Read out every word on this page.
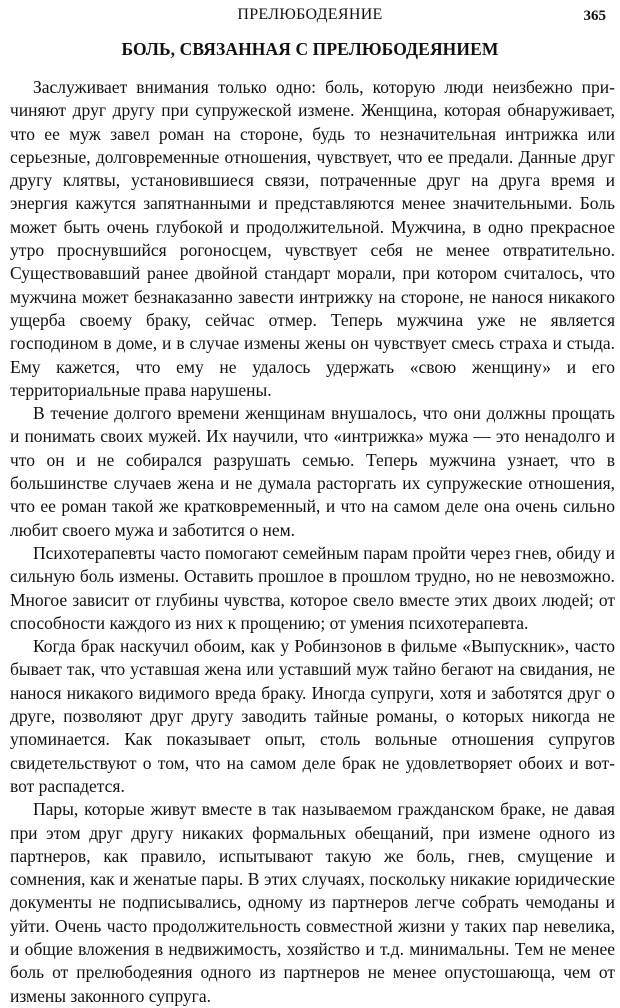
ПРЕЛЮБОДЕЯНИЕ	365
БОЛЬ, СВЯЗАННАЯ С ПРЕЛЮБОДЕЯНИЕМ

Заслуживает внимания только одно: боль, которую люди неизбежно причиняют друг другу при супружеской измене. Женщина, которая обнаруживает, что ее муж завел роман на стороне, будь то незначительная интрижка или серьезные, долговременные отношения, чувствует, что ее предали. Данные друг другу клятвы, установившиеся связи, потраченные друг на друга время и энергия кажутся запятнанными и представляются менее значительными. Боль может быть очень глубокой и продолжительной. Мужчина, в одно прекрасное утро проснувшийся рогоносцем, чувствует себя не менее отвратительно. Существовавший ранее двойной стандарт морали, при котором считалось, что мужчина может безнаказанно завести интрижку на стороне, не нанося никакого ущерба своему браку, сейчас отмер. Теперь мужчина уже не является господином в доме, и в случае измены жены он чувствует смесь страха и стыда. Ему кажется, что ему не удалось удержать «свою женщину» и его территориальные права нарушены.

В течение долгого времени женщинам внушалось, что они должны прощать и понимать своих мужей. Их научили, что «интрижка» мужа — это ненадолго и что он и не собирался разрушать семью. Теперь мужчина узнает, что в большинстве случаев жена и не думала расторгать их супружеские отношения, что ее роман такой же кратковременный, и что на самом деле она очень сильно любит своего мужа и заботится о нем.

Психотерапевты часто помогают семейным парам пройти через гнев, обиду и сильную боль измены. Оставить прошлое в прошлом трудно, но не невозможно. Многое зависит от глубины чувства, которое свело вместе этих двоих людей; от способности каждого из них к прощению; от умения психотерапевта.

Когда брак наскучил обоим, как у Робинзонов в фильме «Выпускник», часто бывает так, что уставшая жена или уставший муж тайно бегают на свидания, не нанося никакого видимого вреда браку. Иногда супруги, хотя и заботятся друг о друге, позволяют друг другу заводить тайные романы, о которых никогда не упоминается. Как показывает опыт, столь вольные отношения супругов свидетельствуют о том, что на самом деле брак не удовлетворяет обоих и вот-вот распадется.

Пары, которые живут вместе в так называемом гражданском браке, не давая при этом друг другу никаких формальных обещаний, при измене одного из партнеров, как правило, испытывают такую же боль, гнев, смущение и сомнения, как и женатые пары. В этих случаях, поскольку никакие юридические документы не подписывались, одному из партнеров легче собрать чемоданы и уйти. Очень часто продолжительность совместной жизни у таких пар невелика, и общие вложения в недвижимость, хозяйство и т.д. минимальны. Тем не менее боль от прелюбодеяния одного из партнеров не менее опустошающа, чем от измены законного супруга.
